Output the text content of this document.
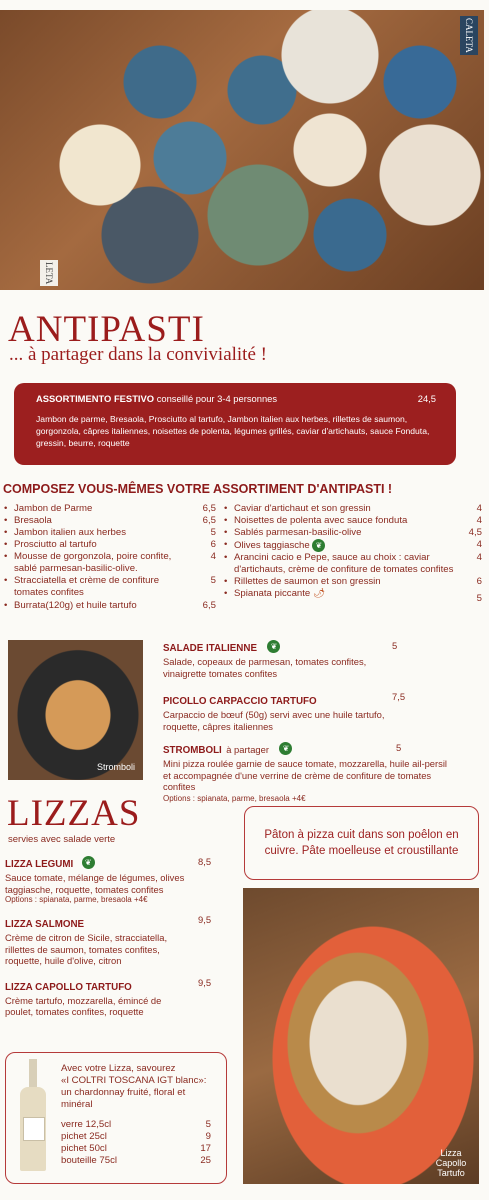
CALETA
LETA
ANTIPASTI
... à partager dans la convivialité !
ASSORTIMENTO FESTIVO conseillé pour 3-4 personnes	24,5
Jambon de parme, Bresaola, Prosciutto al tartufo, Jambon italien aux herbes, rillettes de saumon, gorgonzola, câpres italiennes, noisettes de polenta, légumes grillés, caviar d'artichauts, sauce Fonduta, gressin, beurre, roquette
COMPOSEZ VOUS-MÊMES VOTRE ASSORTIMENT D'ANTIPASTI !
• Jambon de Parme	6,5
• Bresaola	6,5
• Jambon italien aux herbes	5
• Prosciutto al tartufo	6
• Mousse de gorgonzola, poire confite, sablé parmesan-basilic-olive.
4
• Stracciatella et crème de confiture tomates confites
5
• Burrata(120g) et huile tartufo	6,5
• Caviar d'artichaut et son gressin	4
• Noisettes de polenta avec sauce fonduta	4
• Sablés parmesan-basilic-olive	4,5
• Olives taggiasche ❦	4
• Arancini cacio e Pepe, sauce au choix : caviar d'artichauts, crème de confiture de tomates confites
4
• Rillettes de saumon et son gressin	6
• Spianata piccante 🌶	5
Stromboli
SALADE ITALIENNE ❦	5
Salade, copeaux de parmesan, tomates confites, vinaigrette tomates confites
PICOLLO CARPACCIO TARTUFO	7,5
Carpaccio de bœuf (50g) servi avec une huile tartufo, roquette, câpres italiennes
STROMBOLI à partager ❦	5
Mini pizza roulée garnie de sauce tomate, mozzarella, huile ail-persil et accompagnée d'une verrine de crème de confiture de tomates confites
Options : spianata, parme, bresaola +4€
LIZZAS
servies avec salade verte	Pâton à pizza cuit dans son poêlon en cuivre. Pâte moelleuse et croustillante
LIZZA LEGUMI ❦	8,5
Sauce tomate, mélange de légumes, olives taggiasche, roquette, tomates confites
Options : spianata, parme, bresaola +4€
LIZZA SALMONE	9,5
Crème de citron de Sicile, stracciatella, rillettes de saumon, tomates confites, roquette, huile d'olive, citron
LIZZA CAPOLLO TARTUFO	9,5
Crème tartufo, mozzarella, émincé de poulet, tomates confites, roquette
Lizza Capollo Tartufo
Avec votre Lizza, savourez
«I COLTRI TOSCANA IGT blanc»:
un chardonnay fruité, floral et minéral
verre 12,5cl	5
pichet 25cl	9
pichet 50cl	17
bouteille 75cl	25
